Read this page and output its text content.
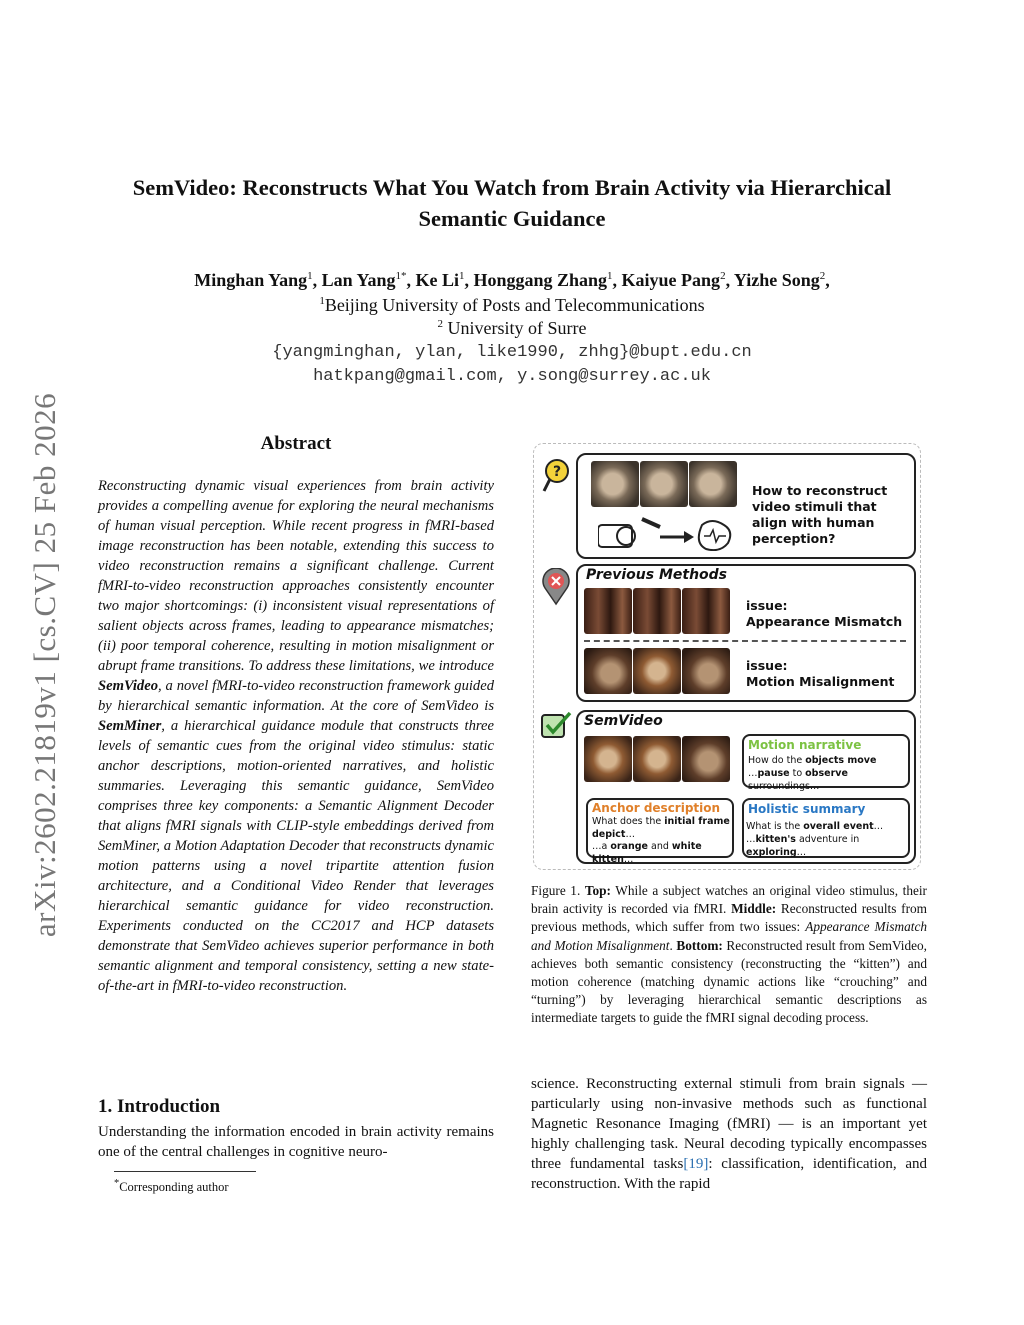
arXiv:2602.21819v1 [cs.CV] 25 Feb 2026
SemVideo: Reconstructs What You Watch from Brain Activity via Hierarchical
Semantic Guidance
Minghan Yang$^1$, Lan Yang$^{1*}$, Ke Li$^1$, Honggang Zhang$^1$, Kaiyue Pang$^2$, Yizhe Song$^2$,
$^1$Beijing University of Posts and Telecommunications
$^2$ University of Surre
{yangminghan, ylan, like1990, zhhg}@bupt.edu.cn
hatkpang@gmail.com, y.song@surrey.ac.uk
Abstract
Reconstructing dynamic visual experiences from brain activity provides a compelling avenue for exploring the neural mechanisms of human visual perception. While recent progress in fMRI-based image reconstruction has been notable, extending this success to video reconstruction remains a significant challenge. Current fMRI-to-video reconstruction approaches consistently encounter two major shortcomings: (i) inconsistent visual representations of salient objects across frames, leading to appearance mismatches; (ii) poor temporal coherence, resulting in motion misalignment or abrupt frame transitions. To address these limitations, we introduce SemVideo, a novel fMRI-to-video reconstruction framework guided by hierarchical semantic information. At the core of SemVideo is SemMiner, a hierarchical guidance module that constructs three levels of semantic cues from the original video stimulus: static anchor descriptions, motion-oriented narratives, and holistic summaries. Leveraging this semantic guidance, SemVideo comprises three key components: a Semantic Alignment Decoder that aligns fMRI signals with CLIP-style embeddings derived from SemMiner, a Motion Adaptation Decoder that reconstructs dynamic motion patterns using a novel tripartite attention fusion architecture, and a Conditional Video Render that leverages hierarchical semantic guidance for video reconstruction. Experiments conducted on the CC2017 and HCP datasets demonstrate that SemVideo achieves superior performance in both semantic alignment and temporal consistency, setting a new state-of-the-art in fMRI-to-video reconstruction.
1. Introduction
Understanding the information encoded in brain activity remains one of the central challenges in cognitive neuro-
*Corresponding author
?
How to reconstruct video stimuli that align with human perception?
Previous Methods
issue:
Appearance Mismatch
issue:
Motion Misalignment
SemVideo
Motion narrative
How do the objects move
…pause to observe surroundings…
Anchor description
What does the initial frame depict…
…a orange and white kitten…
Holistic summary
What is the overall event…
…kitten's adventure in exploring…
Figure 1. Top: While a subject watches an original video stimulus, their brain activity is recorded via fMRI. Middle: Reconstructed results from previous methods, which suffer from two issues: Appearance Mismatch and Motion Misalignment. Bottom: Reconstructed result from SemVideo, achieves both semantic consistency (reconstructing the “kitten”) and motion coherence (matching dynamic actions like “crouching” and “turning”) by leveraging hierarchical semantic descriptions as intermediate targets to guide the fMRI signal decoding process.
science. Reconstructing external stimuli from brain signals — particularly using non-invasive methods such as functional Magnetic Resonance Imaging (fMRI) — is an important yet highly challenging task. Neural decoding typically encompasses three fundamental tasks[19]: classification, identification, and reconstruction. With the rapid
